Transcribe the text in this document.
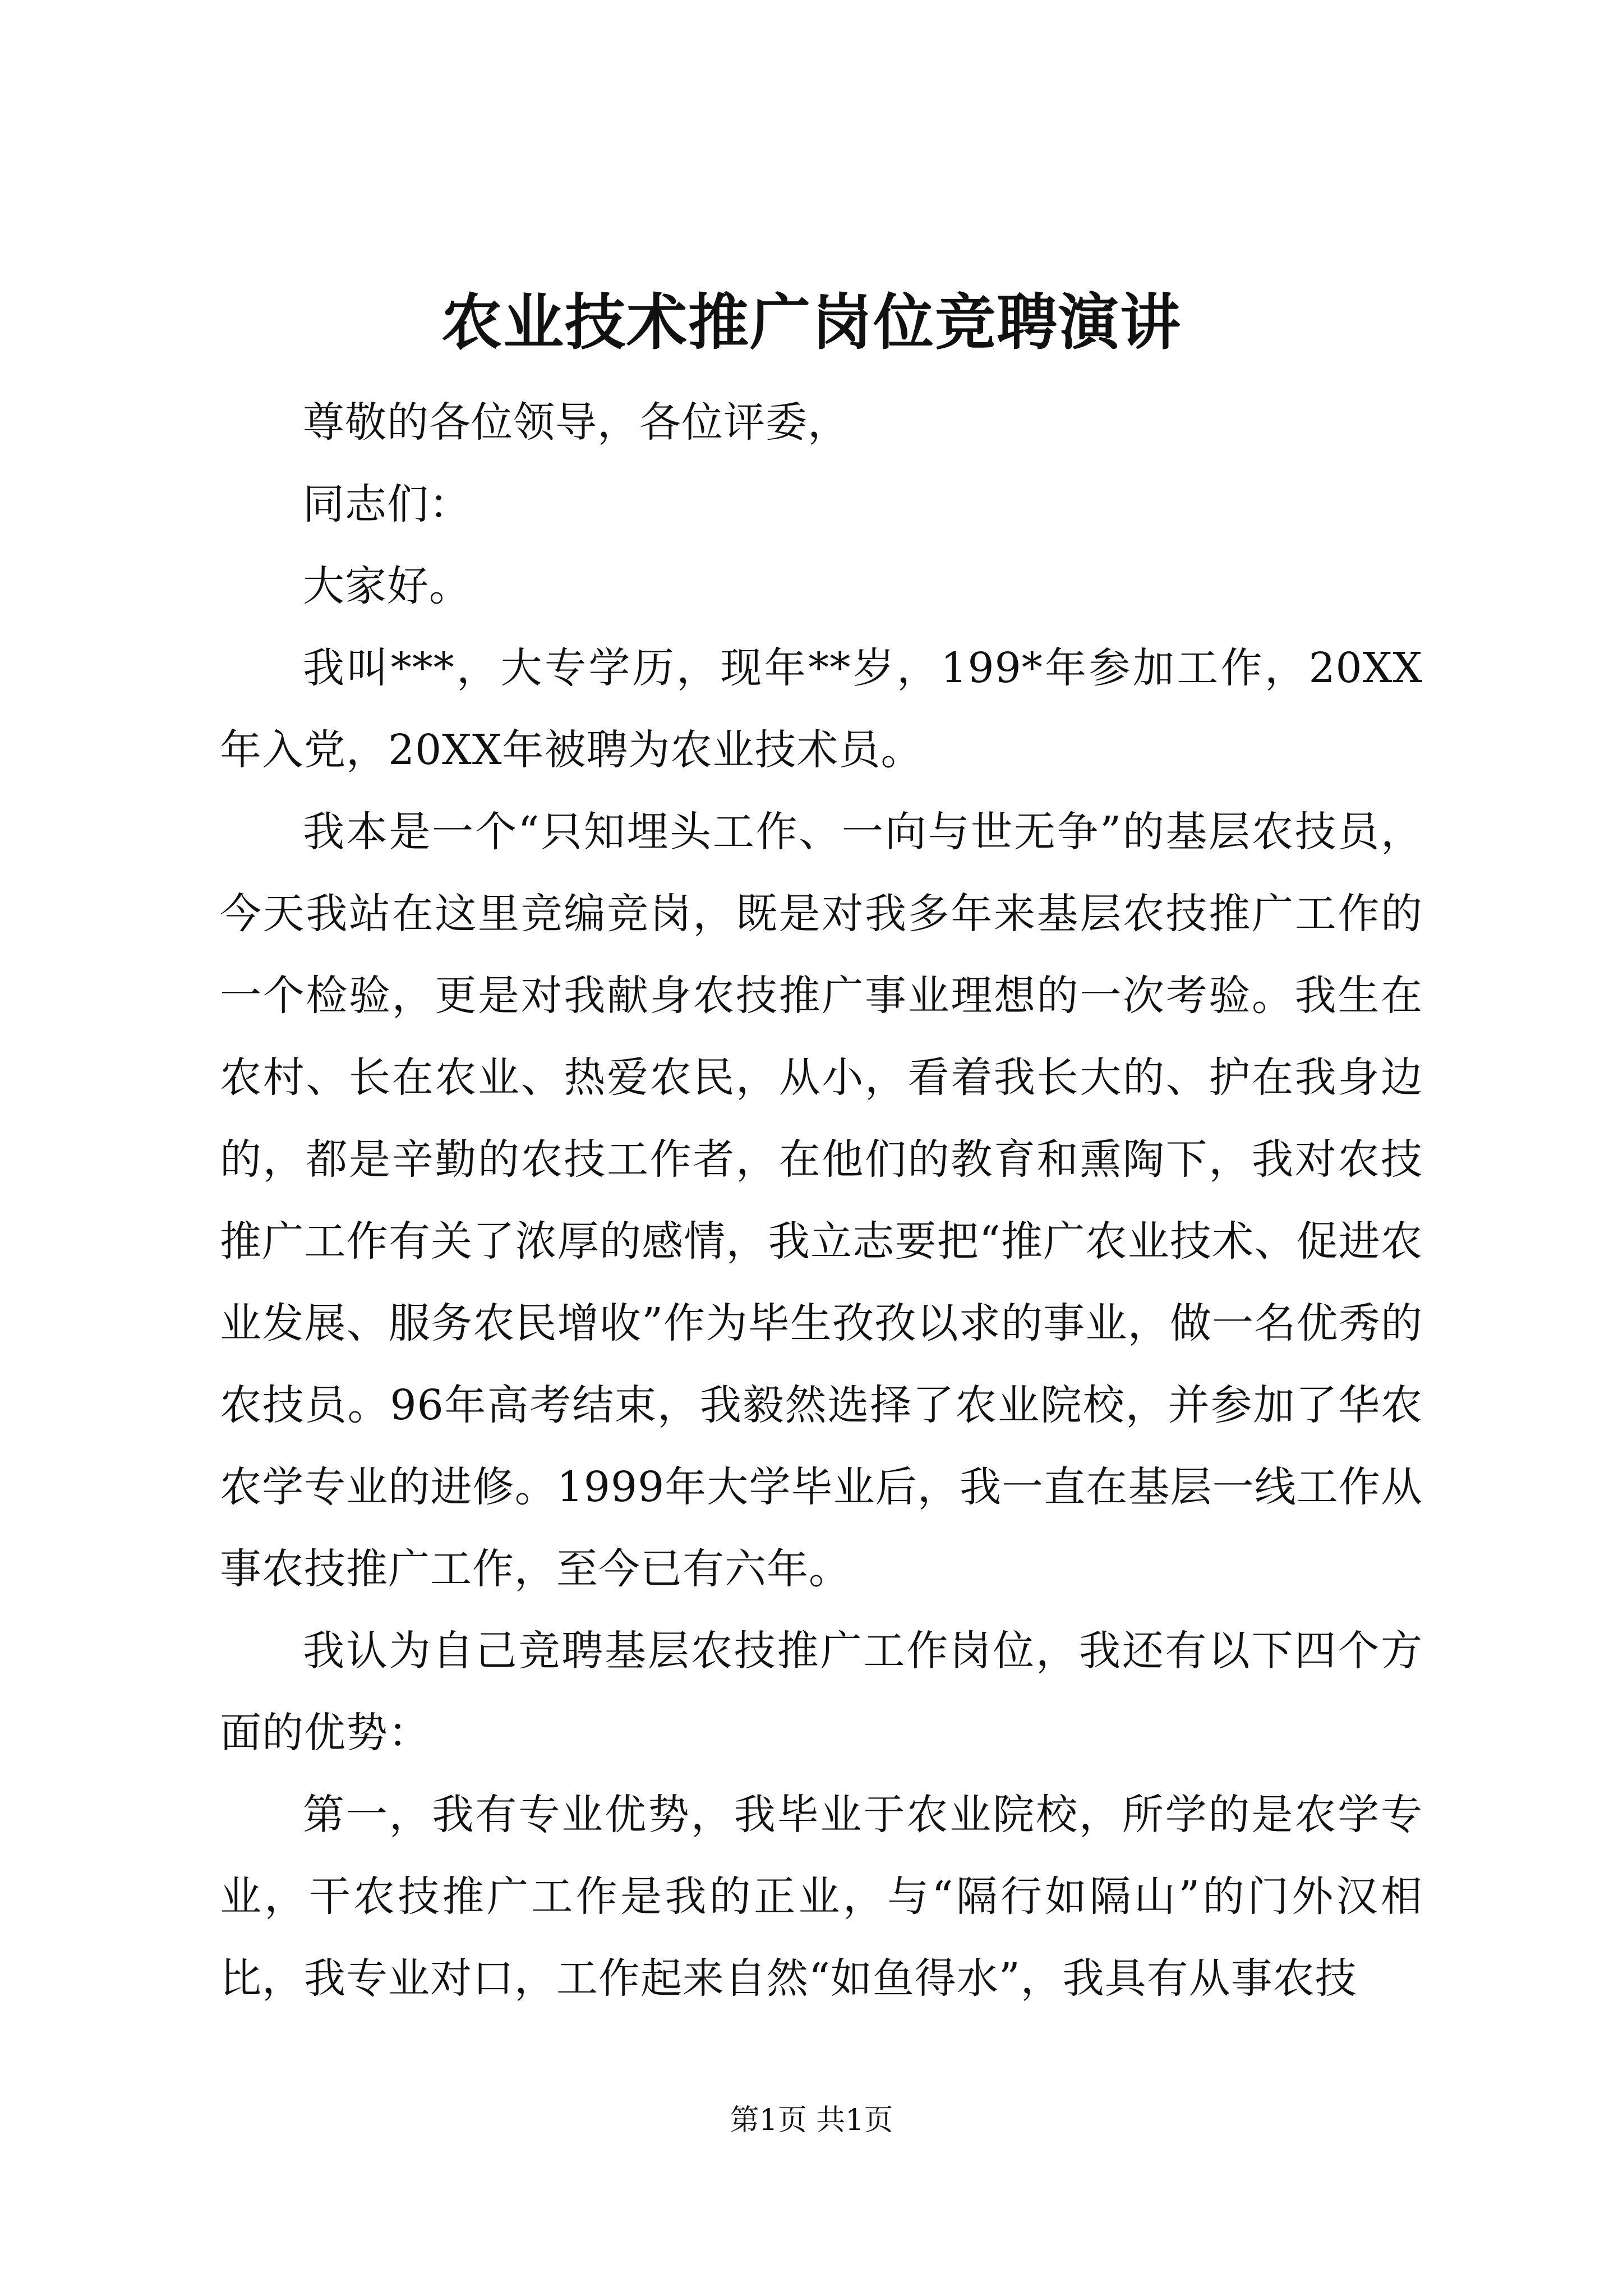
农业技术推广岗位竞聘演讲

尊敬的各位领导，各位评委，

同志们：

大家好。

我叫***，大专学历，现年**岁，199*年参加工作，20XX年入党，20XX年被聘为农业技术员。

我本是一个“只知埋头工作、一向与世无争”的基层农技员，今天我站在这里竞编竞岗，既是对我多年来基层农技推广工作的一个检验，更是对我献身农技推广事业理想的一次考验。我生在农村、长在农业、热爱农民，从小，看着我长大的、护在我身边的，都是辛勤的农技工作者，在他们的教育和熏陶下，我对农技推广工作有关了浓厚的感情，我立志要把“推广农业技术、促进农业发展、服务农民增收”作为毕生孜孜以求的事业，做一名优秀的农技员。96年高考结束，我毅然选择了农业院校，并参加了华农农学专业的进修。1999年大学毕业后，我一直在基层一线工作从事农技推广工作，至今已有六年。

我认为自己竞聘基层农技推广工作岗位，我还有以下四个方面的优势：

第一，我有专业优势，我毕业于农业院校，所学的是农学专业，干农技推广工作是我的正业，与“隔行如隔山”的门外汉相比，我专业对口，工作起来自然“如鱼得水”，我具有从事农技

第1页 共1页
